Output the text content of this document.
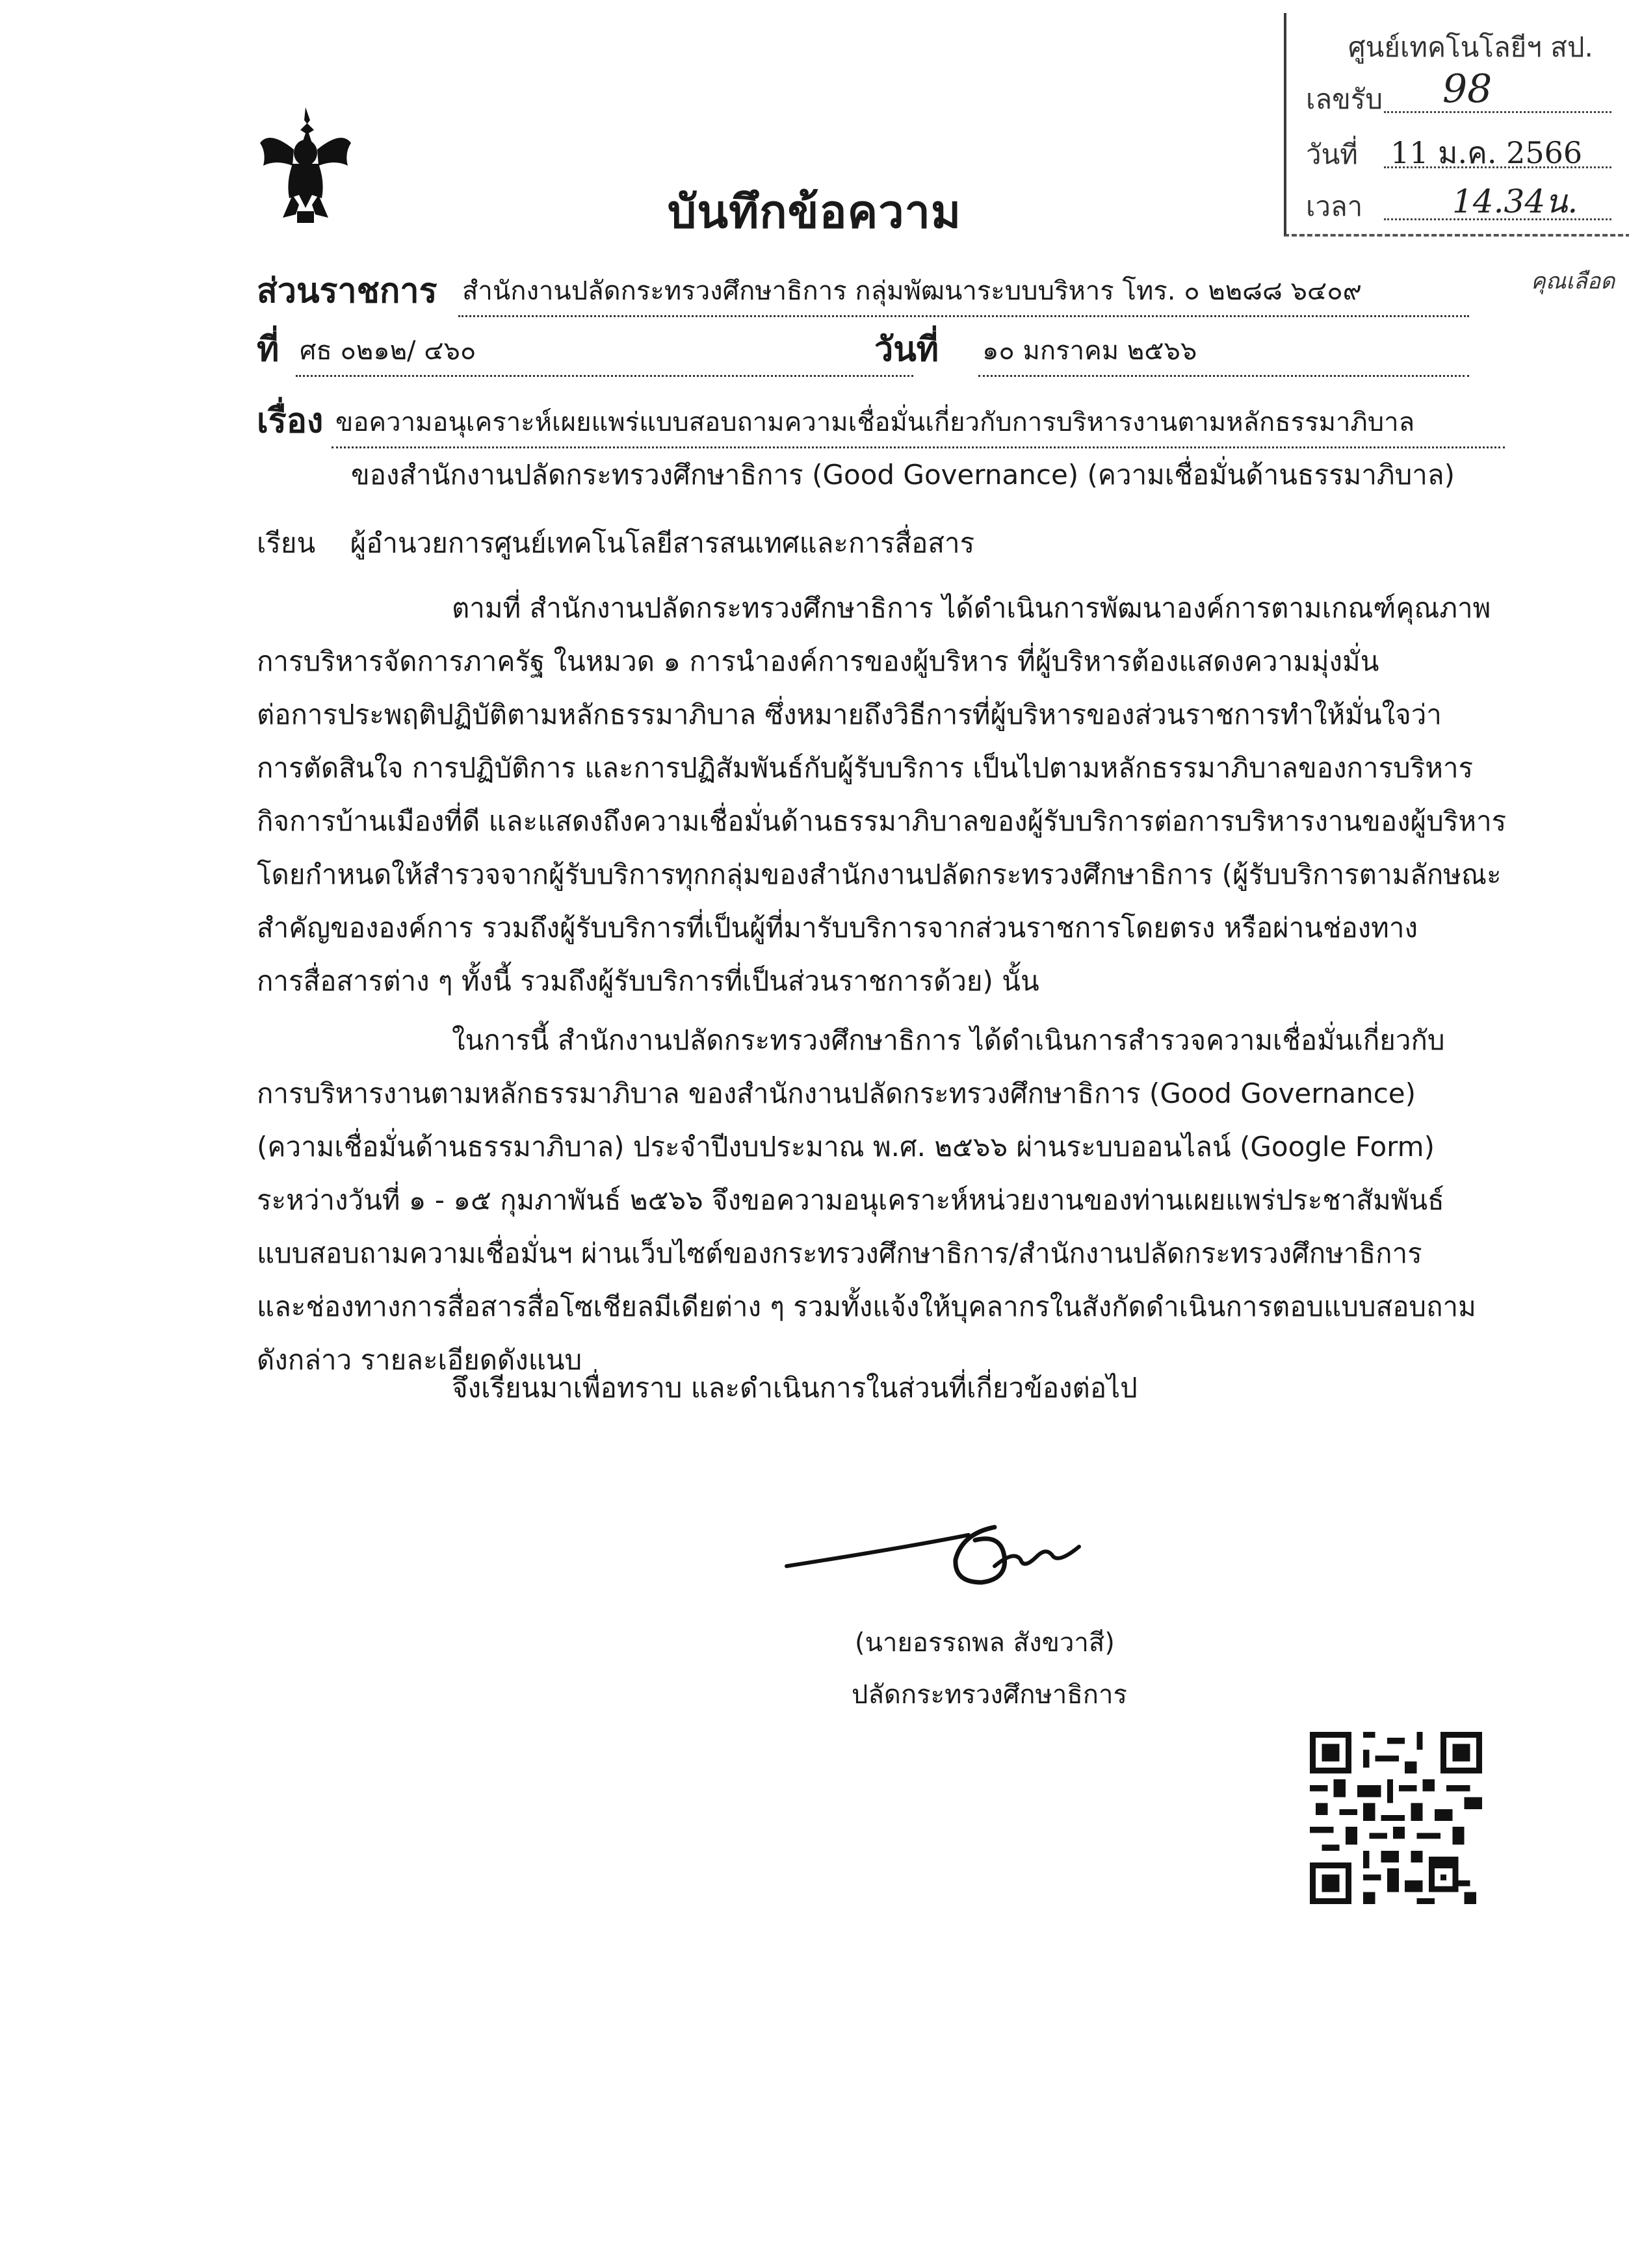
ศูนย์เทคโนโลยีฯ สป.
เลขรับ 98
วันที่ 11 ม.ค. 2566
เวลา	14.34น.
คุณเลือด
บันทึกข้อความ
ส่วนราชการ สำนักงานปลัดกระทรวงศึกษาธิการ กลุ่มพัฒนาระบบบริหาร โทร. ๐ ๒๒๘๘ ๖๔๐๙
ที่ ศธ ๐๒๑๒/ ๔๖๐	วันที่ ๑๐ มกราคม ๒๕๖๖
เรื่อง ขอความอนุเคราะห์เผยแพร่แบบสอบถามความเชื่อมั่นเกี่ยวกับการบริหารงานตามหลักธรรมาภิบาล
ของสำนักงานปลัดกระทรวงศึกษาธิการ (Good Governance) (ความเชื่อมั่นด้านธรรมาภิบาล)
เรียน ผู้อำนวยการศูนย์เทคโนโลยีสารสนเทศและการสื่อสาร
ตามที่ สำนักงานปลัดกระทรวงศึกษาธิการ ได้ดำเนินการพัฒนาองค์การตามเกณฑ์คุณภาพ
การบริหารจัดการภาครัฐ ในหมวด ๑ การนำองค์การของผู้บริหาร ที่ผู้บริหารต้องแสดงความมุ่งมั่น
ต่อการประพฤติปฏิบัติตามหลักธรรมาภิบาล ซึ่งหมายถึงวิธีการที่ผู้บริหารของส่วนราชการทำให้มั่นใจว่า
การตัดสินใจ การปฏิบัติการ และการปฏิสัมพันธ์กับผู้รับบริการ เป็นไปตามหลักธรรมาภิบาลของการบริหาร
กิจการบ้านเมืองที่ดี และแสดงถึงความเชื่อมั่นด้านธรรมาภิบาลของผู้รับบริการต่อการบริหารงานของผู้บริหาร
โดยกำหนดให้สำรวจจากผู้รับบริการทุกกลุ่มของสำนักงานปลัดกระทรวงศึกษาธิการ (ผู้รับบริการตามลักษณะ
สำคัญขององค์การ รวมถึงผู้รับบริการที่เป็นผู้ที่มารับบริการจากส่วนราชการโดยตรง หรือผ่านช่องทาง
การสื่อสารต่าง ๆ ทั้งนี้ รวมถึงผู้รับบริการที่เป็นส่วนราชการด้วย) นั้น
ในการนี้ สำนักงานปลัดกระทรวงศึกษาธิการ ได้ดำเนินการสำรวจความเชื่อมั่นเกี่ยวกับ
การบริหารงานตามหลักธรรมาภิบาล ของสำนักงานปลัดกระทรวงศึกษาธิการ (Good Governance)
(ความเชื่อมั่นด้านธรรมาภิบาล) ประจำปีงบประมาณ พ.ศ. ๒๕๖๖ ผ่านระบบออนไลน์ (Google Form)
ระหว่างวันที่ ๑ - ๑๕ กุมภาพันธ์ ๒๕๖๖ จึงขอความอนุเคราะห์หน่วยงานของท่านเผยแพร่ประชาสัมพันธ์
แบบสอบถามความเชื่อมั่นฯ ผ่านเว็บไซต์ของกระทรวงศึกษาธิการ/สำนักงานปลัดกระทรวงศึกษาธิการ
และช่องทางการสื่อสารสื่อโซเชียลมีเดียต่าง ๆ รวมทั้งแจ้งให้บุคลากรในสังกัดดำเนินการตอบแบบสอบถาม
ดังกล่าว รายละเอียดดังแนบ
จึงเรียนมาเพื่อทราบ และดำเนินการในส่วนที่เกี่ยวข้องต่อไป
(นายอรรถพล สังขวาสี)
ปลัดกระทรวงศึกษาธิการ
